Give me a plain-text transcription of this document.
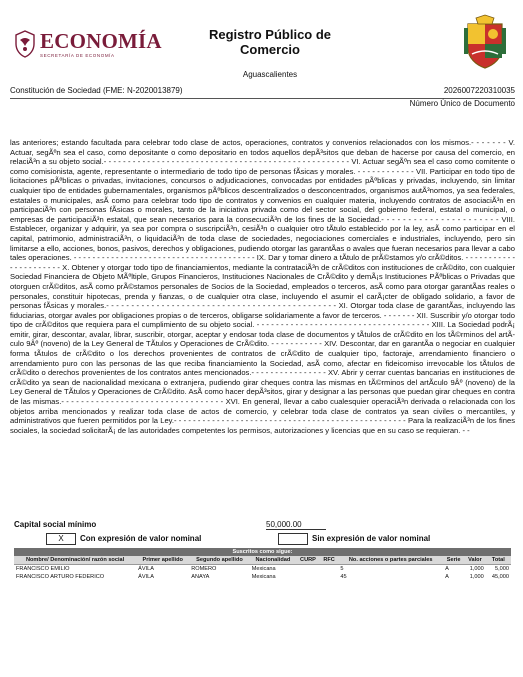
ECONOMÍA
SECRETARÍA DE ECONOMÍA
Registro Público de
Comercio
Aguascalientes
Constitución de Sociedad (FME: N-2020013879)	2026007220310035
Número Único de Documento
las anteriores; estando facultada para celebrar todo clase de actos, operaciones, contratos y convenios relacionados con los mismos.- - - - - - - V. Actuar, segÃºn sea el caso, como depositante o como depositario en todos aquellos depÃ³sitos que deban de hacerse por causa del comercio, en relaciÃ³n a su objeto social.- - - - - - - - - - - - - - - - - - - - - - - - - - - - - - - - - - - - - - - - - - - - - - - - - - - VI. Actuar segÃºn sea el caso como comitente o como comisionista, agente, representante o intermediario de todo tipo de personas fÃsicas y morales. - - - - - - - - - - - - VII. Participar en todo tipo de licitaciones pÃºblicas o privadas, invitaciones, concursos o adjudicaciones, convocadas por entidades pÃºblicas y privadas, incluyendo, sin limitar cualquier tipo de entidades gubernamentales, organismos pÃºblicos descentralizados o desconcentrados, organismos autÃ³nomos, ya sea federales, estatales o municipales, asÃ como para celebrar todo tipo de contratos y convenios en cualquier materia, incluyendo contratos de asociaciÃ³n en participaciÃ³n con personas fÃsicas o morales, tanto de la iniciativa privada como del sector social, del gobierno federal, estatal o municipal, o empresas de participaciÃ³n estatal, que sean necesarios para la consecuciÃ³n de los fines de la Sociedad.- - - - - - - - - - - - - - - - - - - - - - VIII. Establecer, organizar y adquirir, ya sea por compra o suscripciÃ³n, cesiÃ³n o cualquier otro tÃtulo establecido por la ley, asÃ como participar en el capital, patrimonio, administraciÃ³n, o liquidaciÃ³n de toda clase de sociedades, negociaciones comerciales e industriales, incluyendo, pero sin limitarse a ello, acciones, bonos, pasivos, derechos y obligaciones, pudiendo otorgar las garantÃas o avales que fueran necesarios para llevar a cabo tales operaciones. - - - - - - - - - - - - - - - - - - - - - - - - - - - - - - - - - - - - - - - IX. Dar y tomar dinero a tÃtulo de prÃ©stamos y/o crÃ©ditos. - - - - - - - - - - - - - - - - - - - - - - X. Obtener y otorgar todo tipo de financiamientos, mediante la contrataciÃ³n de crÃ©ditos con instituciones de crÃ©dito, con cualquier Sociedad Financiera de Objeto MÃºltiple, Grupos Financieros, Instituciones Nacionales de CrÃ©dito y demÃ¡s Instituciones PÃºblicas o Privadas que otorguen crÃ©ditos, asÃ como prÃ©stamos personales de Socios de la Sociedad, empleados o terceros, asÃ como para otorgar garantÃas reales o personales, constituir hipotecas, prenda y fianzas, o de cualquier otra clase, incluyendo el asumir el carÃ¡cter de obligado solidario, a favor de personas fÃsicas y morales.- - - - - - - - - - - - - - - - - - - - - - - - - - - - - - - - - - - - - - - - - - - - - - XI. Otorgar toda clase de garantÃas, incluyendo las fiduciarias, otorgar avales por obligaciones propias o de terceros, obligarse solidariamente a favor de terceros. - - - - - - - XII. Suscribir y/o otorgar todo tipo de crÃ©ditos que requiera para el cumplimiento de su objeto social. - - - - - - - - - - - - - - - - - - - - - - - - - - - - - - - - - - - - XIII. La Sociedad podrÃ¡ emitir, girar, descontar, avalar, librar, suscribir, otorgar, aceptar y endosar toda clase de documentos y tÃtulos de crÃ©dito en los tÃ©rminos del artÃculo 9Âº (noveno) de la Ley General de TÃtulos y Operaciones de CrÃ©dito. - - - - - - - - - - - XIV. Descontar, dar en garantÃa o negociar en cualquier forma tÃtulos de crÃ©dito o los derechos provenientes de contratos de crÃ©dito de cualquier tipo, factoraje, arrendamiento financiero o arrendamiento puro con las personas de las que reciba financiamiento la Sociedad, asÃ como, afectar en fideicomiso irrevocable los tÃtulos de crÃ©dito o derechos provenientes de los contratos antes mencionados.- - - - - - - - - - - - - - - - XV. Abrir y cerrar cuentas bancarias en instituciones de crÃ©dito ya sean de nacionalidad mexicana o extranjera, pudiendo girar cheques contra las mismas en tÃ©rminos del artÃculo 9Âº (noveno) de la Ley General de TÃtulos y Operaciones de CrÃ©dito. AsÃ como hacer depÃ³sitos, girar y designar a las personas que puedan girar cheques en contra de las mismas.- - - - - - - - - - - - - - - - - - - - - - - - - - - - - - - - - XVI. En general, llevar a cabo cualesquier operaciÃ³n derivada o relacionada con los objetos arriba mencionados y realizar toda clase de actos de comercio, y celebrar toda clase de contratos ya sean civiles o mercantiles, y administrativos que fueren permitidos por la Ley.- - - - - - - - - - - - - - - - - - - - - - - - - - - - - - - - - - - - - - - - - - - - - - - - - Para la realizaciÃ³n de los fines sociales, la sociedad solicitarÃ¡ de las autoridades competentes los permisos, autorizaciones y licencias que en su caso se requieran. - -
Capital social mínimo	50,000.00
X	Con expresión de valor nominal	Sin expresión de valor nominal
Suscritos como sigue:									
Nombre/ Denominación/ razón social	Primer apellido	Segundo apellido	Nacionalidad	CURP	RFC	No. acciones o partes parciales	Serie	Valor	Total
FRANCISCO EMILIO	ÁVILA	ROMERO	Mexicana			5	A	1,000	5,000
FRANCISCO ARTURO FEDERICO	ÁVILA	ANAYA	Mexicana			45	A	1,000	45,000
